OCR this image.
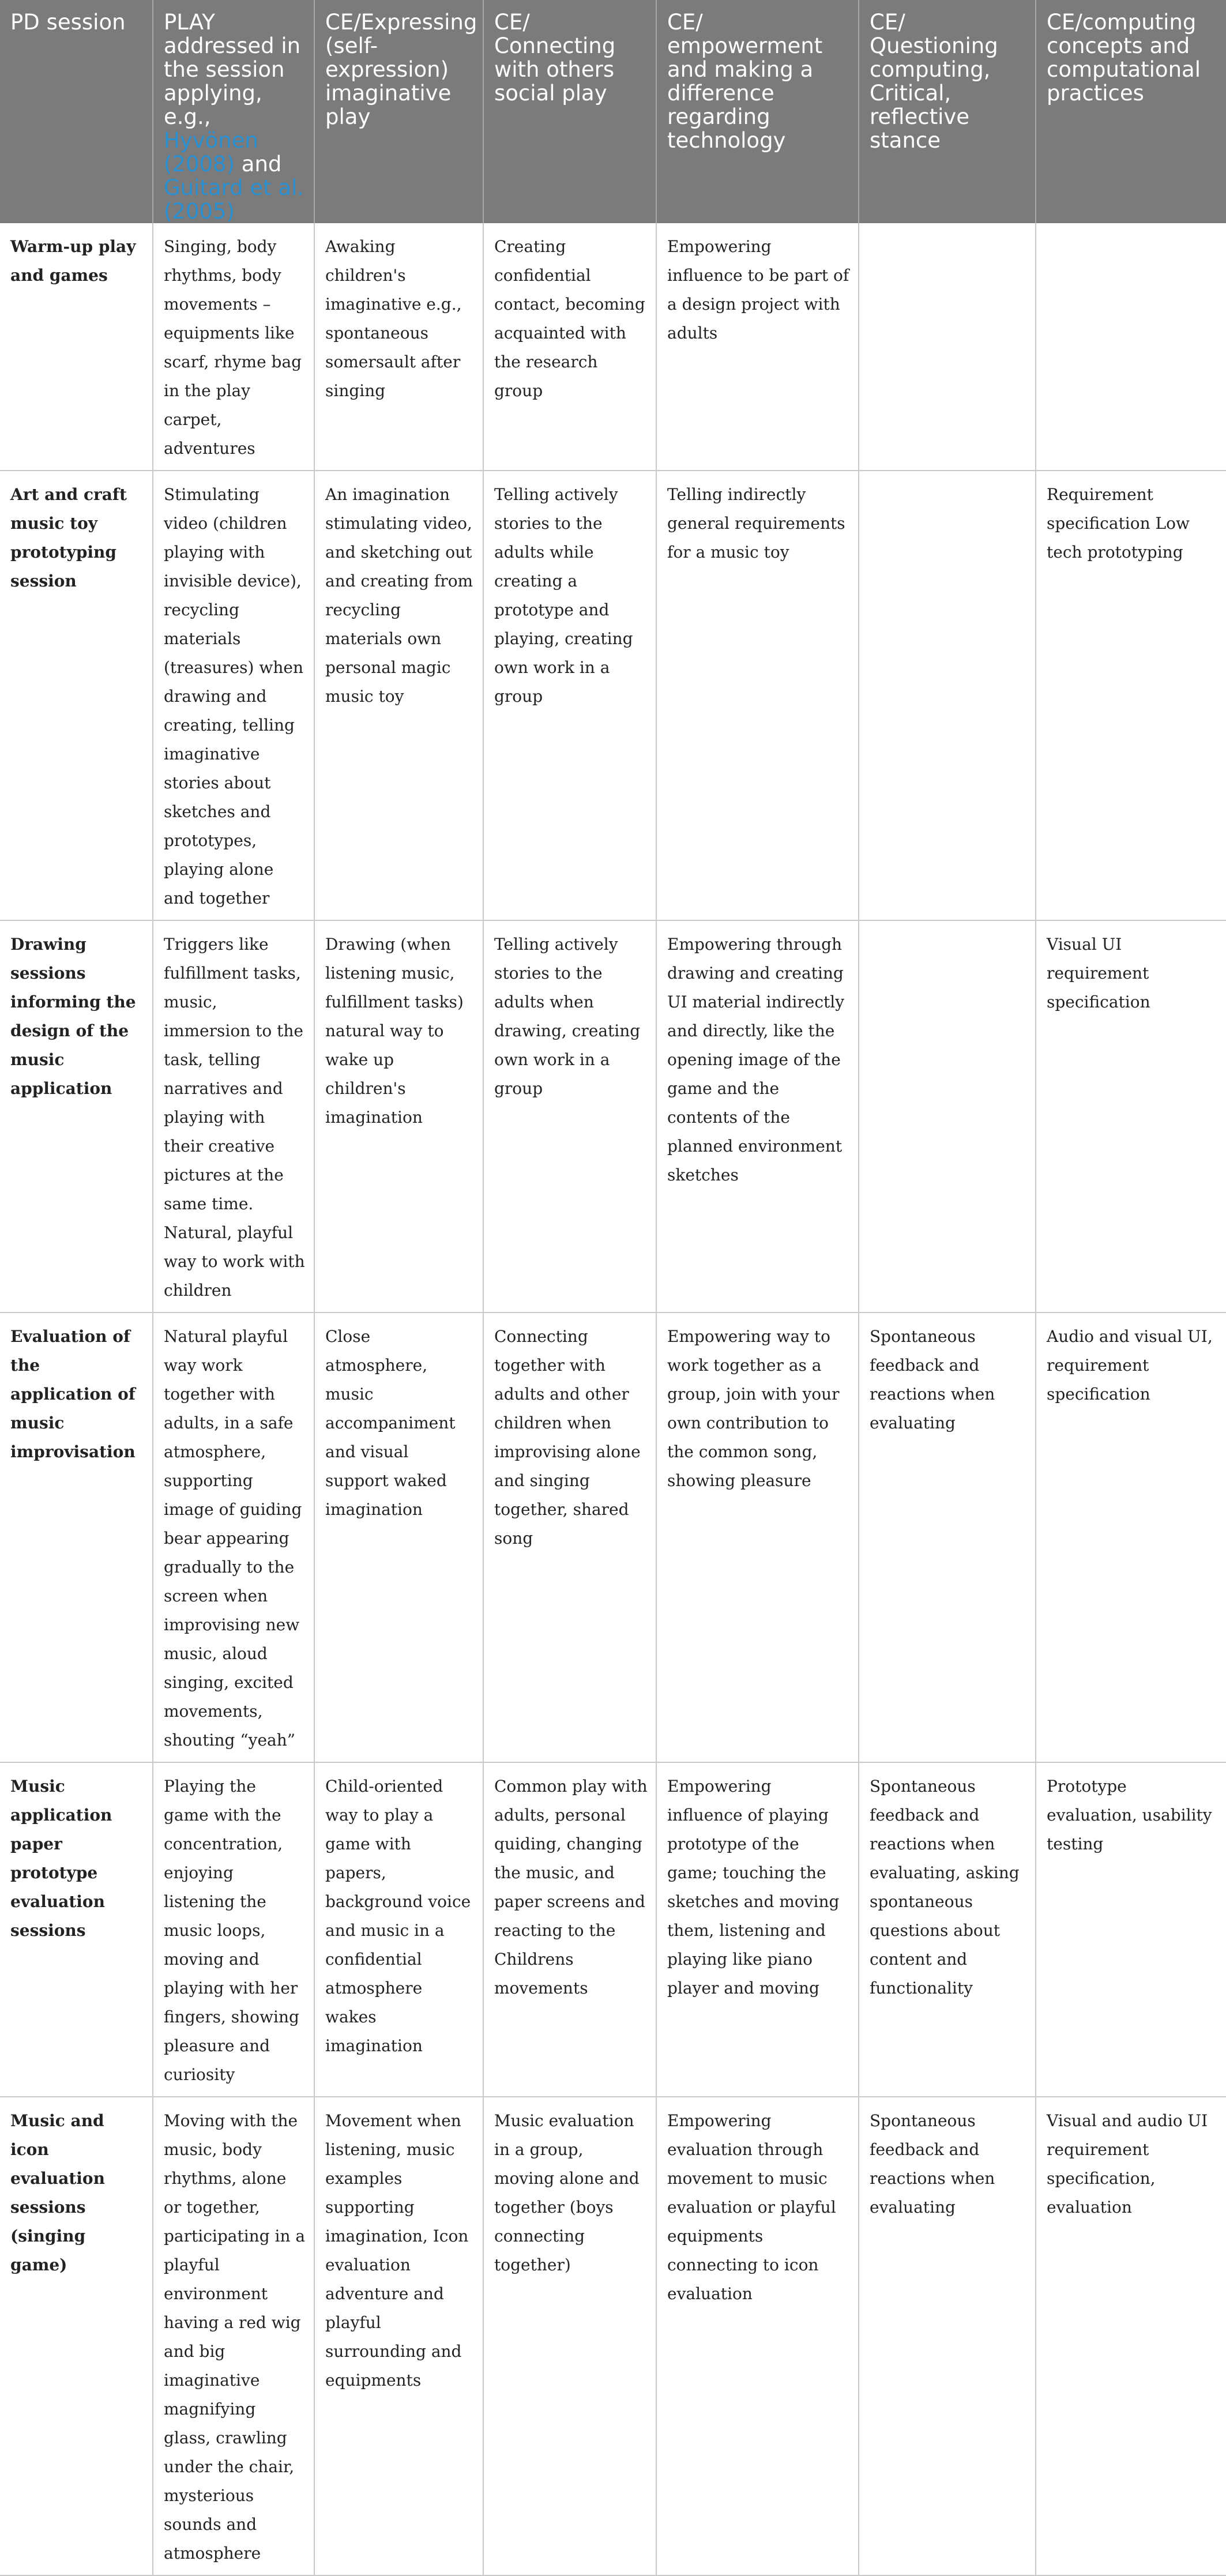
PD session	PLAY addressed in the session applying, e.g., Hyvönen (2008) and Guitard et al. (2005)	CE/Expressing (self-expression) imaginative play	CE/ Connecting with others social play	CE/ empowerment and making a difference regarding technology	CE/ Questioning computing, Critical, reflective stance	CE/computing concepts and computational practices
Warm-up play and games	Singing, body rhythms, body movements – equipments like scarf, rhyme bag in the play carpet, adventures	Awaking children's imaginative e.g., spontaneous somersault after singing	Creating confidential contact, becoming acquainted with the research group	Empowering influence to be part of a design project with adults		
Art and craft music toy prototyping session	Stimulating video (children playing with invisible device), recycling materials (treasures) when drawing and creating, telling imaginative stories about sketches and prototypes, playing alone and together	An imagination stimulating video, and sketching out and creating from recycling materials own personal magic music toy	Telling actively stories to the adults while creating a prototype and playing, creating own work in a group	Telling indirectly general requirements for a music toy		Requirement specification Low tech prototyping
Drawing sessions informing the design of the music application	Triggers like fulfillment tasks, music, immersion to the task, telling narratives and playing with their creative pictures at the same time. Natural, playful way to work with children	Drawing (when listening music, fulfillment tasks) natural way to wake up children's imagination	Telling actively stories to the adults when drawing, creating own work in a group	Empowering through drawing and creating UI material indirectly and directly, like the opening image of the game and the contents of the planned environment sketches		Visual UI requirement specification
Evaluation of the application of music improvisation	Natural playful way work together with adults, in a safe atmosphere, supporting image of guiding bear appearing gradually to the screen when improvising new music, aloud singing, excited movements, shouting “yeah”	Close atmosphere, music accompaniment and visual support waked imagination	Connecting together with adults and other children when improvising alone and singing together, shared song	Empowering way to work together as a group, join with your own contribution to the common song, showing pleasure	Spontaneous feedback and reactions when evaluating	Audio and visual UI, requirement specification
Music application paper prototype evaluation sessions	Playing the game with the concentration, enjoying listening the music loops, moving and playing with her fingers, showing pleasure and curiosity	Child-oriented way to play a game with papers, background voice and music in a confidential atmosphere wakes imagination	Common play with adults, personal quiding, changing the music, and paper screens and reacting to the Childrens movements	Empowering influence of playing prototype of the game; touching the sketches and moving them, listening and playing like piano player and moving	Spontaneous feedback and reactions when evaluating, asking spontaneous questions about content and functionality	Prototype evaluation, usability testing
Music and icon evaluation sessions (singing game)	Moving with the music, body rhythms, alone or together, participating in a playful environment having a red wig and big imaginative magnifying glass, crawling under the chair, mysterious sounds and atmosphere	Movement when listening, music examples supporting imagination, Icon evaluation adventure and playful surrounding and equipments	Music evaluation in a group, moving alone and together (boys connecting together)	Empowering evaluation through movement to music evaluation or playful equipments connecting to icon evaluation	Spontaneous feedback and reactions when evaluating	Visual and audio UI requirement specification, evaluation
